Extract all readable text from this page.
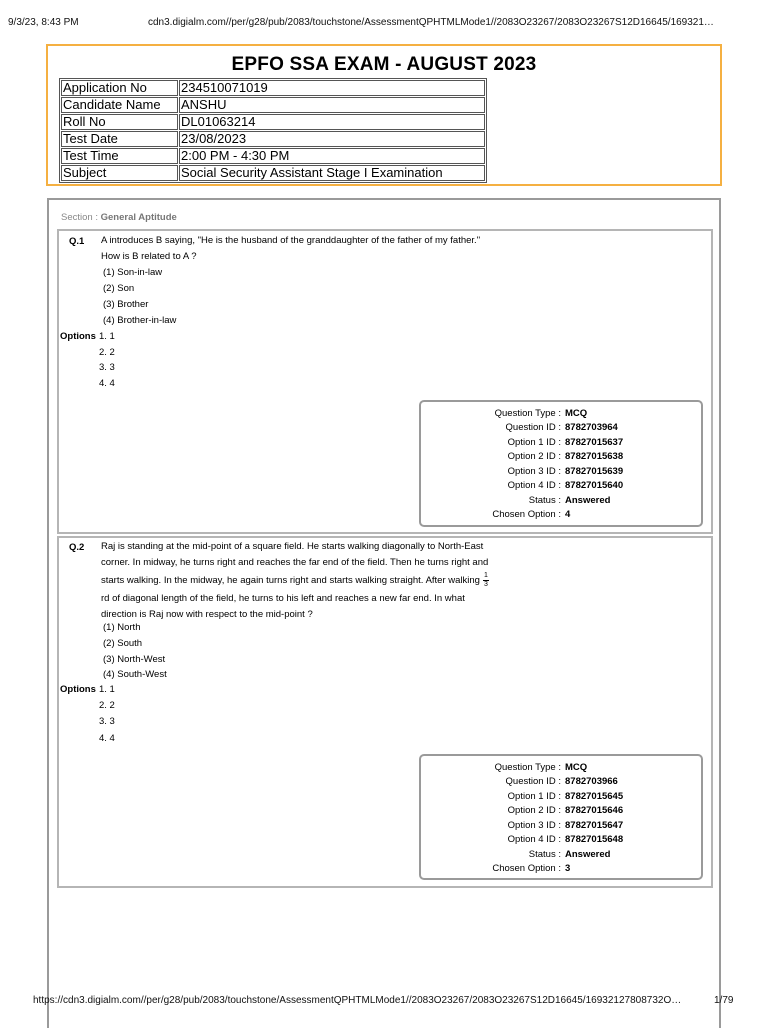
9/3/23, 8:43 PM	cdn3.digialm.com//per/g28/pub/2083/touchstone/AssessmentQPHTMLMode1//2083O23267/2083O23267S12D16645/169321…
EPFO SSA EXAM - AUGUST 2023
Application No	234510071019
Candidate Name	ANSHU
Roll No	DL01063214
Test Date	23/08/2023
Test Time	2:00 PM - 4:30 PM
Subject	Social Security Assistant Stage I Examination
Section : General Aptitude
Q.1 A introduces B saying, "He is the husband of the granddaughter of the father of my father."
How is B related to A ?
(1) Son-in-law
(2) Son
(3) Brother
(4) Brother-in-law
Options 1. 1
2. 2
3. 3
4. 4
Question Type : MCQ
Question ID : 8782703964
Option 1 ID : 87827015637
Option 2 ID : 87827015638
Option 3 ID : 87827015639
Option 4 ID : 87827015640
Status : Answered
Chosen Option : 4
Q.2 Raj is standing at the mid-point of a square field. He starts walking diagonally to North-East
corner. In midway, he turns right and reaches the far end of the field. Then he turns right and
starts walking. In the midway, he again turns right and starts walking straight. After walking $\frac{1}{3}$
rd of diagonal length of the field, he turns to his left and reaches a new far end. In what
direction is Raj now with respect to the mid-point ?
(1) North
(2) South
(3) North-West
(4) South-West
Options 1. 1
2. 2
3. 3
4. 4
Question Type : MCQ
Question ID : 8782703966
Option 1 ID : 87827015645
Option 2 ID : 87827015646
Option 3 ID : 87827015647
Option 4 ID : 87827015648
Status : Answered
Chosen Option : 3
https://cdn3.digialm.com//per/g28/pub/2083/touchstone/AssessmentQPHTMLMode1//2083O23267/2083O23267S12D16645/16932127808732O…	1/79
